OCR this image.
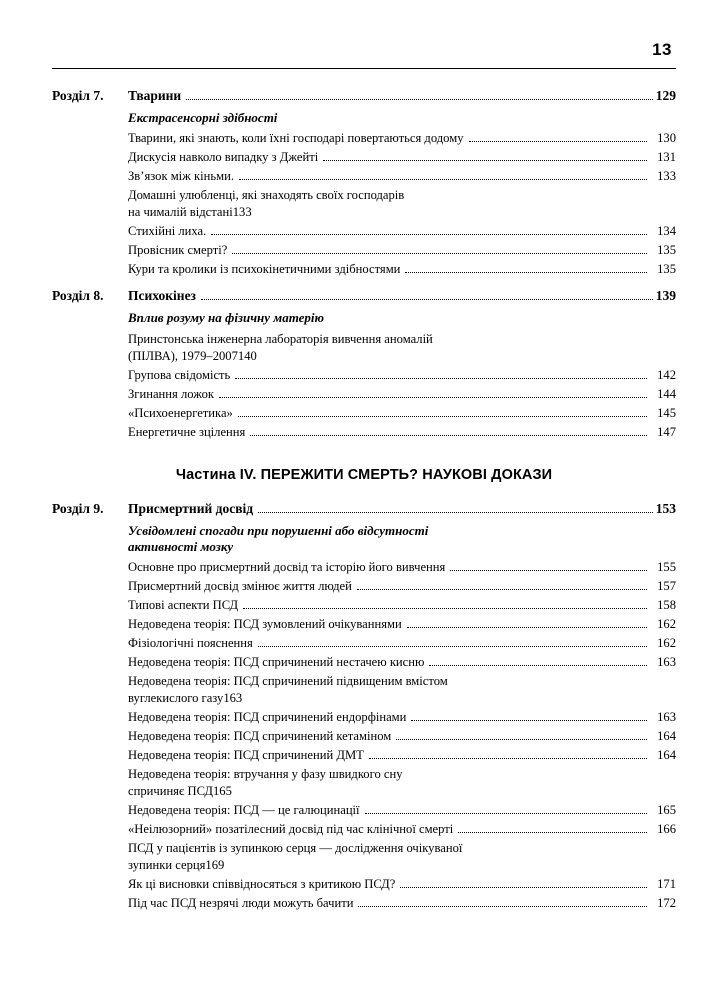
13
Розділ 7.	Тварини	129
Екстрасенсорні здібності
Тварини, які знають, коли їхні господарі повертаються додому	130
Дискусія навколо випадку з Джейті	131
Зв’язок між кіньми.	133
Домашні улюбленці, які знаходять своїх господарів
на чималій відстані 133
Стихійні лиха.	134
Провісник смерті?	135
Кури та кролики із психокінетичними здібностями	135
Розділ 8.	Психокінез	139
Вплив розуму на фізичну матерію
Принстонська інженерна лабораторія вивчення аномалій
(ПІЛВА), 1979–2007 140
Групова свідомість	142
Згинання ложок	144
«Психоенергетика»	145
Енергетичне зцілення	147
Частина IV. ПЕРЕЖИТИ СМЕРТЬ? НАУКОВІ ДОКАЗИ
Розділ 9.	Присмертний досвід	153
Усвідомлені спогади при порушенні або відсутності
активності мозку
Основне про присмертний досвід та історію його вивчення	155
Присмертний досвід змінює життя людей	157
Типові аспекти ПСД	158
Недоведена теорія: ПСД зумовлений очікуваннями	162
Фізіологічні пояснення	162
Недоведена теорія: ПСД спричинений нестачею кисню	163
Недоведена теорія: ПСД спричинений підвищеним вмістом
вуглекислого газу 163
Недоведена теорія: ПСД спричинений ендорфінами	163
Недоведена теорія: ПСД спричинений кетаміном	164
Недоведена теорія: ПСД спричинений ДМТ	164
Недоведена теорія: втручання у фазу швидкого сну
спричиняє ПСД 165
Недоведена теорія: ПСД — це галюцинації	165
«Неілюзорний» позатілесний досвід під час клінічної смерті	166
ПСД у пацієнтів із зупинкою серця — дослідження очікуваної
зупинки серця 169
Як ці висновки співвідносяться з критикою ПСД?	171
Під час ПСД незрячі люди можуть бачити	172
